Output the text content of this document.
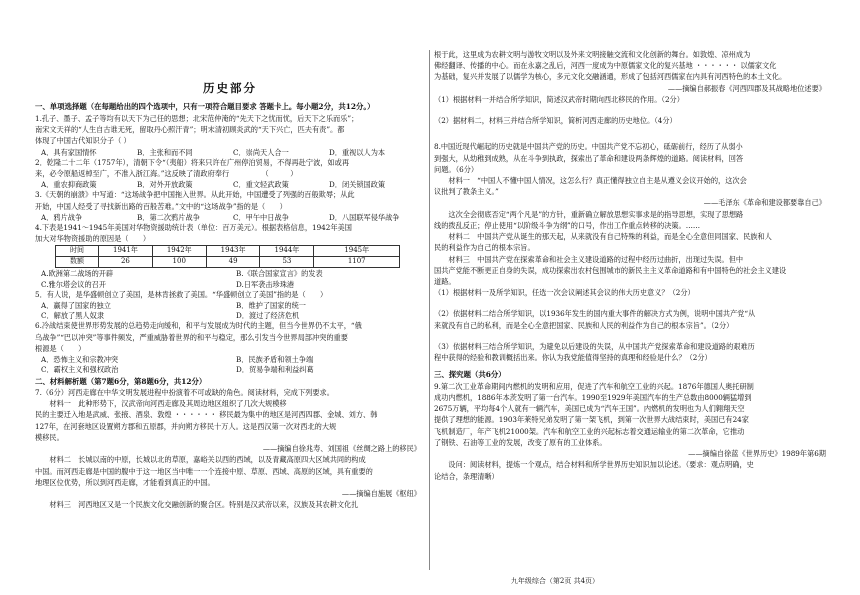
历史部分
一、单项选择题（在每题给出的四个选项中，只有一项符合题目要求 答题卡上。每小题2分，共12分。）

1.孔子、墨子、孟子等均有以天下为己任的思想；北宋范仲淹的“先天下之忧而忧，后天下之乐而乐”；

南宋文天祥的“人生自古谁无死，留取丹心照汗青”；明末清初顾炎武的“天下兴亡，匹夫有责”。都

体现了中国古代知识分子（ ）

A．具有家国情怀	B．主张和而不同	C．崇尚天人合一	D．重视以人为本

2．乾隆二十二年（1757年），清朝下令“（夷船）将来只许在广州停泊贸易，不得再赴宁波，如或再

来，必令原船返棹至广，不准入浙江海。”这反映了清政府奉行　　　　　（　　　）

A．重农抑商政策	B．对外开放政策	C．重文轻武政策	D．闭关锁国政策

3.《天朝的崩溃》中写道：“这场战争把中国拖入世界。从此开始，中国遭受了列强的百般欺辱；从此

开始，中国人经受了寻找新出路的百般苦难。”文中的“这场战争”指的是（　　）

A．鸦片战争	B．第二次鸦片战争	C．甲午中日战争	D．八国联军侵华战争

4.下表是1941～1945年美国对华物资援助统计表（单位：百万美元）。根据表格信息，1942年美国

加大对华物资援助的原因是（　　）

时间	1941年	1942年	1943年	1944年	1945年
数额	26	100	49	53	1107
A.欧洲第二战场的开辟	B.《联合国家宣言》的发表
C.雅尔塔会议的召开	D.日军袭击珍珠港

5．有人说，是华盛顿创立了美国，是林肯拯救了美国。“华盛顿创立了美国”指的是（　　）

A．赢得了国家的独立	B．维护了国家的统一
C．解放了黑人奴隶	D．渡过了经济危机

6.冷战结束使世界形势发展的总趋势走向缓和，和平与发展成为时代的主题，但当今世界仍不太平，“俄

乌战争”“巴以冲突”等事件频发，严重威胁着世界的和平与稳定，那么引发当今世界局部冲突的重要

根源是（　　）

A．恐怖主义和宗教冲突	B．民族矛盾和领土争端
C．霸权主义和强权政治	D．贸易争端和利益纠葛
二、材料解析题（第7题6分，第8题6分，共12分）

7.（6分）河西走廊在中华文明发展进程中扮演着不可或缺的角色。阅读材料，完成下列要求。

材料一　此种形势下，汉武帝向河西走廊及其周边地区组织了几次大规模移

民的主要迁入地是武威、张掖、酒泉、敦煌 ・・・・・・ 移民最为集中的地区是河西四郡、金城、刘方、韩

127年，在河套地区设置朔方郡和五原郡，并向朔方移民十万人。这是西汉第一次对西北的大规

模移民。

——摘编自徐兆寿、刘国祖《丝绸之路上的移民》

材料二　长城以南的中原，长城以北的草原，嘉峪关以西的西域，以及青藏高原四大区域共同的构成

中国。而河西走廊是中国的腹中于这一地区当中唯一一个连接中原、草原、西域、高原的区域，具有重要的

地理区位优势，所以到河西走廊，才能看到真正的中国。

——摘编自施展《枢纽》

材料三　河西地区又是一个民族文化交融创新的聚合区。特别是汉武帝以来，汉族及其农耕文化扎

根于此，这里成为农耕文明与游牧文明以及外来文明接触交流和文化创新的舞台。如敦煌、凉州成为

佛经翻译、传播的中心。而在永嘉之乱后，河西一度成为中原儒家文化的复兴基地 ・・・・・・ 以儒家文化

为基础，复兴并发展了以儒学为核心，多元文化交融涵通，形成了包括河西儒家在内具有河西特色的本土文化。

——摘编自郝振春《河西四郡及其战略地位述要》

（1）根据材料一并结合所学知识，简述汉武帝时期向西北移民的作用。（2分）

（2）据材料二，材料三并结合所学知识，简析河西走廊的历史地位。（4分）

8.中国近现代崛起的历史就是中国共产党的历史。中国共产党不忘初心，砥砺前行，经历了从弱小

到强大，从幼稚到成熟，从在斗争到执政，探索出了革命和建设两条辉煌的道路。阅读材料，回答

问题。（6分）

材料一　“中国人不懂中国人情况，这怎么行？真正懂得独立自主是从遵义会议开始的，这次会

议批判了教条主义。”

——毛泽东《革命和建设都要靠自己》

这次全会彻底否定“两个凡是”的方针，重新确立解放思想实事求是的指导思想，实现了思想路

线的拨乱反正；停止使用“以阶级斗争为纲”的口号，作出工作重点转移的决策。……

材料二　中国共产党从诞生的那天起，从来就没有自己特殊的利益，而是全心全意但同国家、民族和人

民的利益作为自己的根本宗旨。

材料三　中国共产党在探索革命和社会主义建设道路的过程中经历过曲折，出现过失误。但中

国共产党能不断更正自身的失误，成功探索出农村包围城市的新民主主义革命道路和有中国特色的社会主义建设

道路。

（1）根据材料一及所学知识，任选一次会议阐述其会议的伟大历史意义？（2分）

（2）依据材料二结合所学知识，以1936年发生的国内重大事件的解决方式为例，说明中国共产党“从

来就没有自己的私利，而是全心全意把国家、民族和人民的利益作为自己的根本宗旨”。（2分）

（3）依据材料三结合所学知识，为避免以后建设的失误，从中国共产党探索革命和建设道路的艰难历

程中获得的经验和教训概括出来。你认为我党能值得坚持的真理和经验是什么？（2分）

三、探究题（共6分）

9.第二次工业革命期间内燃机的发明和应用，促进了汽车和航空工业的兴起。1876年德国人奥托研制

成功内燃机，1886年本茨发明了第一台汽车。1990至1929年美国汽车的生产总数由8000辆猛增到

2675万辆，平均每4个人就有一辆汽车，美国已成为“汽车王国”。内燃机的发明也为人们翱翔天空

提供了理想的能源。1903年莱特兄弟发明了第一架飞机，到第一次世界大战结束时，美国已有24家

飞机制造厂，年产飞机21000架。汽车和航空工业的兴起标志着交通运输业的第二次革命，它推动

了钢铁、石油等工业的发展，改变了原有的工业体系。

——摘编自徐蓝《世界历史》1989年第6期

设问：阅读材料，提炼一个观点，结合材料和所学世界历史知识加以论述。（要求：观点明确，史

论结合，条理清晰）

九年级综合（第2页 共4页）
